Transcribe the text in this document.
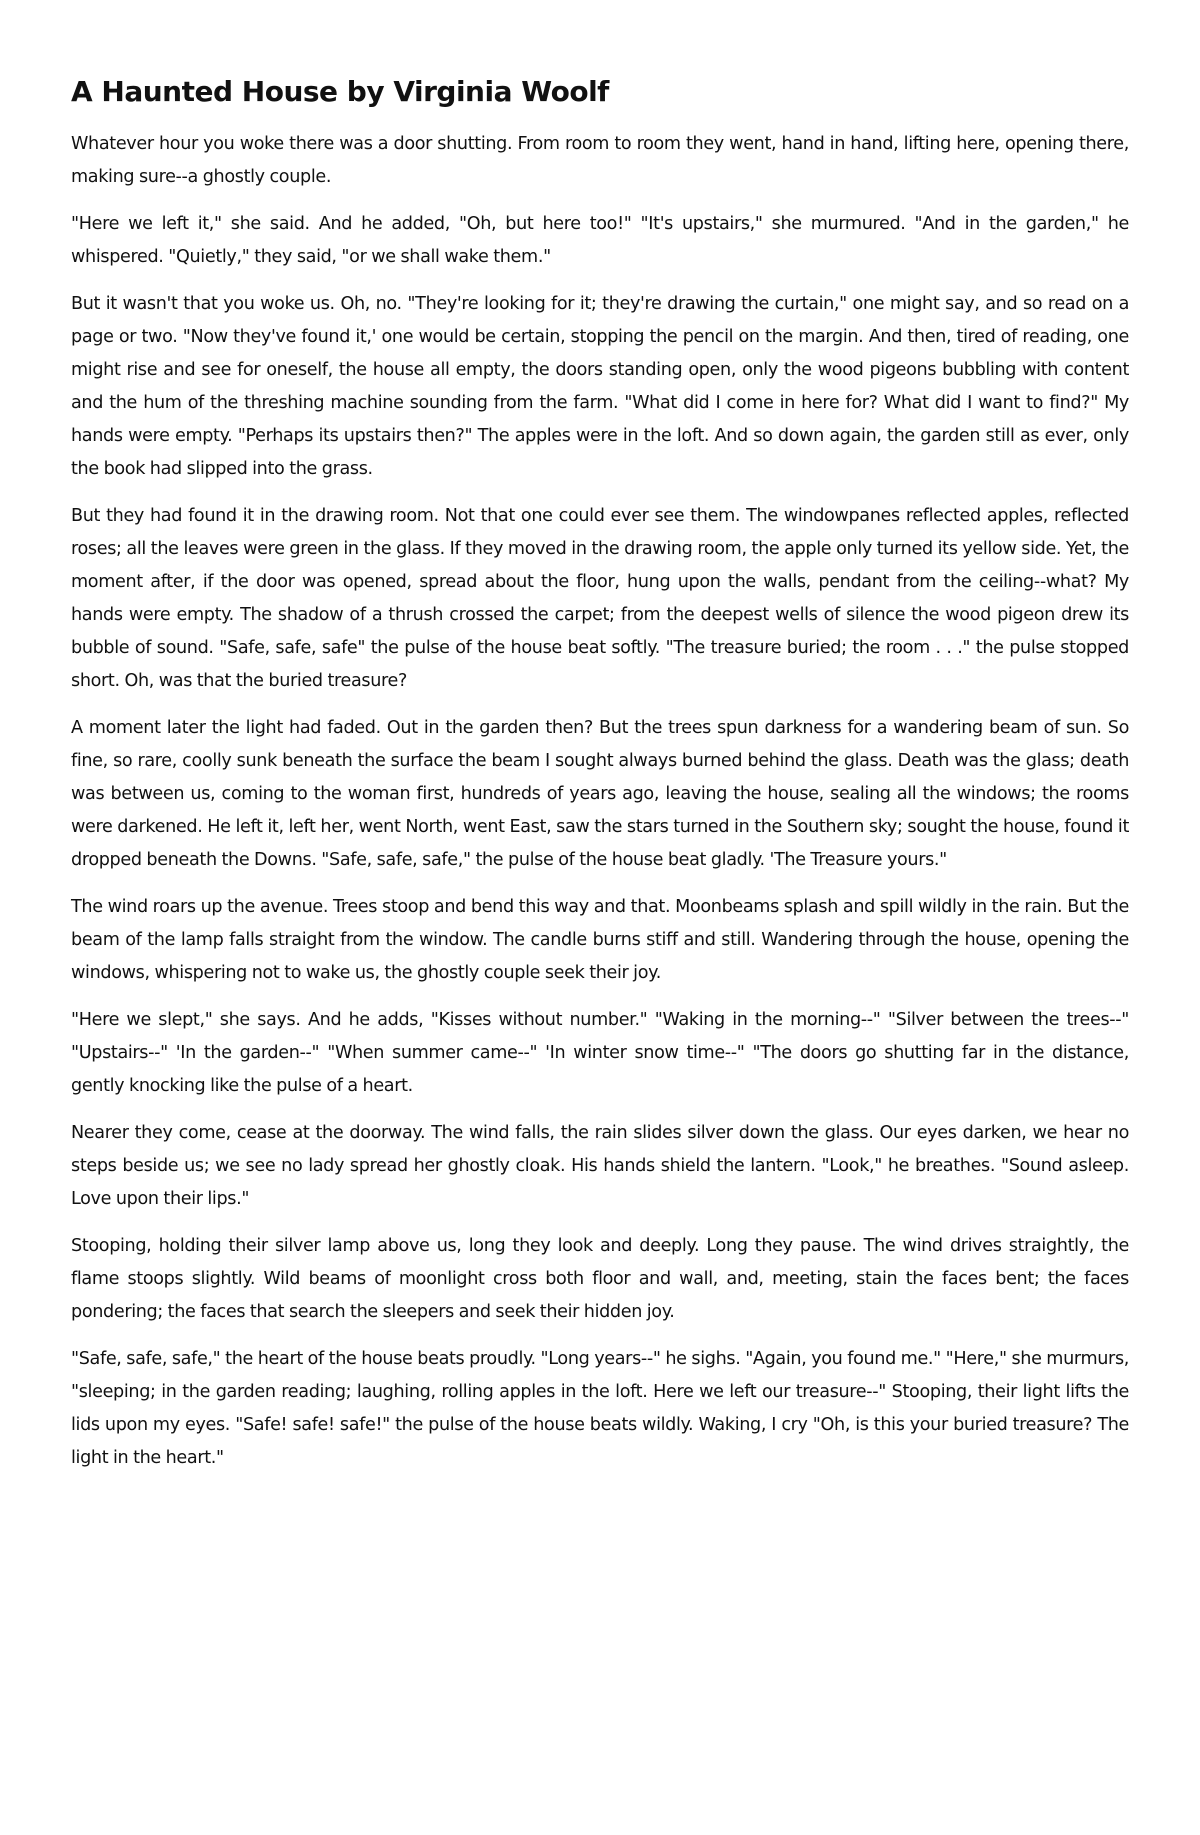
A Haunted House by Virginia Woolf

Whatever hour you woke there was a door shutting. From room to room they went, hand in hand, lifting here, opening there, making sure--a ghostly couple.

"Here we left it," she said. And he added, "Oh, but here too!" "It's upstairs," she murmured. "And in the garden," he whispered. "Quietly," they said, "or we shall wake them."

But it wasn't that you woke us. Oh, no. "They're looking for it; they're drawing the curtain," one might say, and so read on a page or two. "Now they've found it,' one would be certain, stopping the pencil on the margin. And then, tired of reading, one might rise and see for oneself, the house all empty, the doors standing open, only the wood pigeons bubbling with content and the hum of the threshing machine sounding from the farm. "What did I come in here for? What did I want to find?" My hands were empty. "Perhaps its upstairs then?" The apples were in the loft. And so down again, the garden still as ever, only the book had slipped into the grass.

But they had found it in the drawing room. Not that one could ever see them. The windowpanes reflected apples, reflected roses; all the leaves were green in the glass. If they moved in the drawing room, the apple only turned its yellow side. Yet, the moment after, if the door was opened, spread about the floor, hung upon the walls, pendant from the ceiling--what? My hands were empty. The shadow of a thrush crossed the carpet; from the deepest wells of silence the wood pigeon drew its bubble of sound. "Safe, safe, safe" the pulse of the house beat softly. "The treasure buried; the room . . ." the pulse stopped short. Oh, was that the buried treasure?

A moment later the light had faded. Out in the garden then? But the trees spun darkness for a wandering beam of sun. So fine, so rare, coolly sunk beneath the surface the beam I sought always burned behind the glass. Death was the glass; death was between us, coming to the woman first, hundreds of years ago, leaving the house, sealing all the windows; the rooms were darkened. He left it, left her, went North, went East, saw the stars turned in the Southern sky; sought the house, found it dropped beneath the Downs. "Safe, safe, safe," the pulse of the house beat gladly. 'The Treasure yours."

The wind roars up the avenue. Trees stoop and bend this way and that. Moonbeams splash and spill wildly in the rain. But the beam of the lamp falls straight from the window. The candle burns stiff and still. Wandering through the house, opening the windows, whispering not to wake us, the ghostly couple seek their joy.

"Here we slept," she says. And he adds, "Kisses without number." "Waking in the morning--" "Silver between the trees--" "Upstairs--" 'In the garden--" "When summer came--" 'In winter snow time--" "The doors go shutting far in the distance, gently knocking like the pulse of a heart.

Nearer they come, cease at the doorway. The wind falls, the rain slides silver down the glass. Our eyes darken, we hear no steps beside us; we see no lady spread her ghostly cloak. His hands shield the lantern. "Look," he breathes. "Sound asleep. Love upon their lips."

Stooping, holding their silver lamp above us, long they look and deeply. Long they pause. The wind drives straightly, the flame stoops slightly. Wild beams of moonlight cross both floor and wall, and, meeting, stain the faces bent; the faces pondering; the faces that search the sleepers and seek their hidden joy.

"Safe, safe, safe," the heart of the house beats proudly. "Long years--" he sighs. "Again, you found me." "Here," she murmurs, "sleeping; in the garden reading; laughing, rolling apples in the loft. Here we left our treasure--" Stooping, their light lifts the lids upon my eyes. "Safe! safe! safe!" the pulse of the house beats wildly. Waking, I cry "Oh, is this your buried treasure? The light in the heart."
